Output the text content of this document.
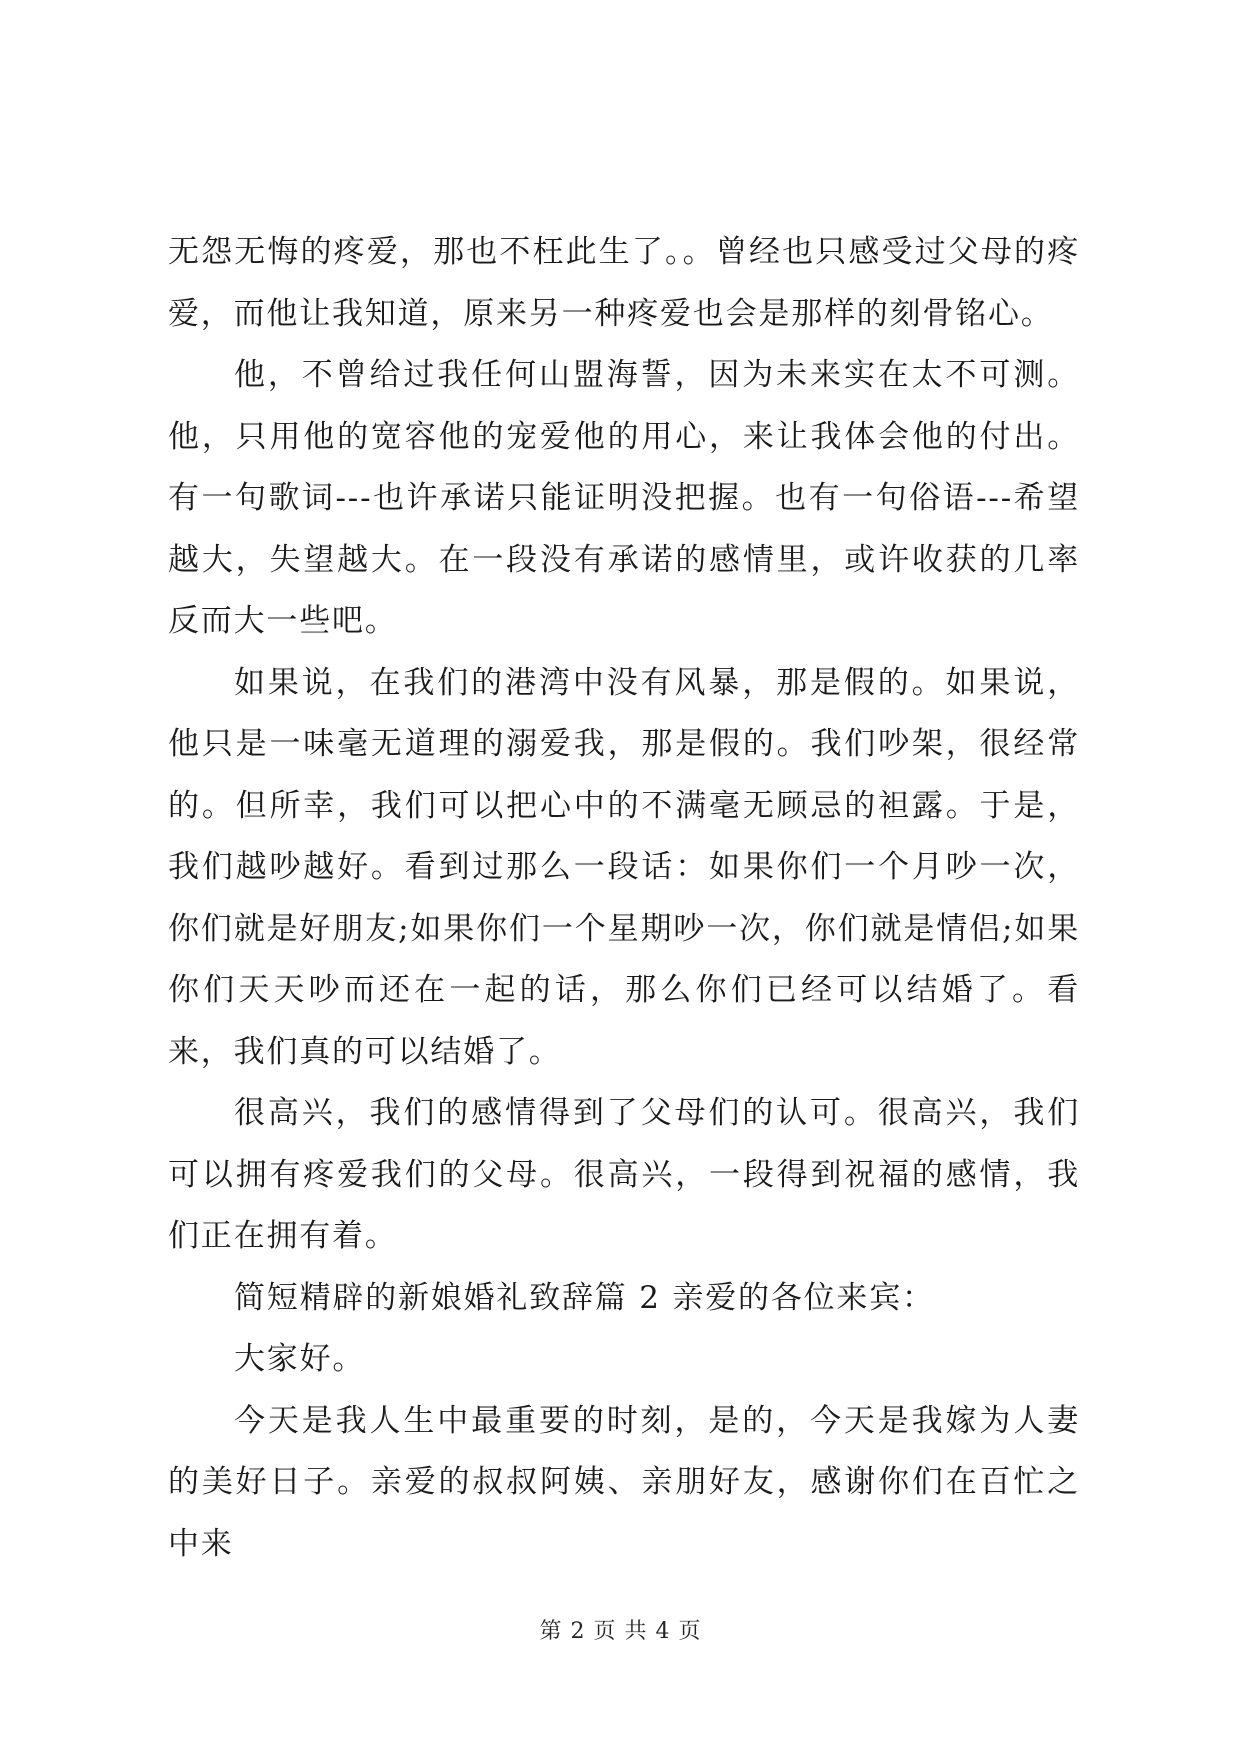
无怨无悔的疼爱，那也不枉此生了。。曾经也只感受过父母的疼爱，而他让我知道，原来另一种疼爱也会是那样的刻骨铭心。

他，不曾给过我任何山盟海誓，因为未来实在太不可测。他，只用他的宽容他的宠爱他的用心，来让我体会他的付出。有一句歌词---也许承诺只能证明没把握。也有一句俗语---希望越大，失望越大。在一段没有承诺的感情里，或许收获的几率反而大一些吧。

如果说，在我们的港湾中没有风暴，那是假的。如果说，他只是一味毫无道理的溺爱我，那是假的。我们吵架，很经常的。但所幸，我们可以把心中的不满毫无顾忌的袒露。于是，我们越吵越好。看到过那么一段话：如果你们一个月吵一次，你们就是好朋友;如果你们一个星期吵一次，你们就是情侣;如果你们天天吵而还在一起的话，那么你们已经可以结婚了。看来，我们真的可以结婚了。

很高兴，我们的感情得到了父母们的认可。很高兴，我们可以拥有疼爱我们的父母。很高兴，一段得到祝福的感情，我们正在拥有着。

简短精辟的新娘婚礼致辞篇 2 亲爱的各位来宾：

大家好。

今天是我人生中最重要的时刻，是的，今天是我嫁为人妻的美好日子。亲爱的叔叔阿姨、亲朋好友，感谢你们在百忙之中来

第 2 页 共 4 页
